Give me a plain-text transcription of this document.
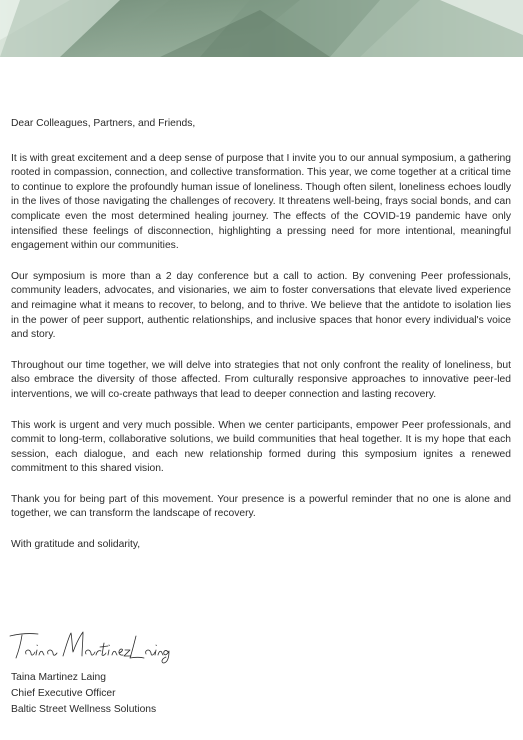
Dear Colleagues, Partners, and Friends,

It is with great excitement and a deep sense of purpose that I invite you to our annual symposium, a gathering rooted in compassion, connection, and collective transformation. This year, we come together at a critical time to continue to explore the profoundly human issue of loneliness. Though often silent, loneliness echoes loudly in the lives of those navigating the challenges of recovery. It threatens well-being, frays social bonds, and can complicate even the most determined healing journey. The effects of the COVID-19 pandemic have only intensified these feelings of disconnection, highlighting a pressing need for more intentional, meaningful engagement within our communities.

Our symposium is more than a 2 day conference but a call to action. By convening Peer professionals, community leaders, advocates, and visionaries, we aim to foster conversations that elevate lived experience and reimagine what it means to recover, to belong, and to thrive. We believe that the antidote to isolation lies in the power of peer support, authentic relationships, and inclusive spaces that honor every individual's voice and story.

Throughout our time together, we will delve into strategies that not only confront the reality of loneliness, but also embrace the diversity of those affected. From culturally responsive approaches to innovative peer-led interventions, we will co-create pathways that lead to deeper connection and lasting recovery.

This work is urgent and very much possible. When we center participants, empower Peer professionals, and commit to long-term, collaborative solutions, we build communities that heal together. It is my hope that each session, each dialogue, and each new relationship formed during this symposium ignites a renewed commitment to this shared vision.

Thank you for being part of this movement. Your presence is a powerful reminder that no one is alone and together, we can transform the landscape of recovery.

With gratitude and solidarity,

Taina Martinez Laing
Chief Executive Officer
Baltic Street Wellness Solutions
